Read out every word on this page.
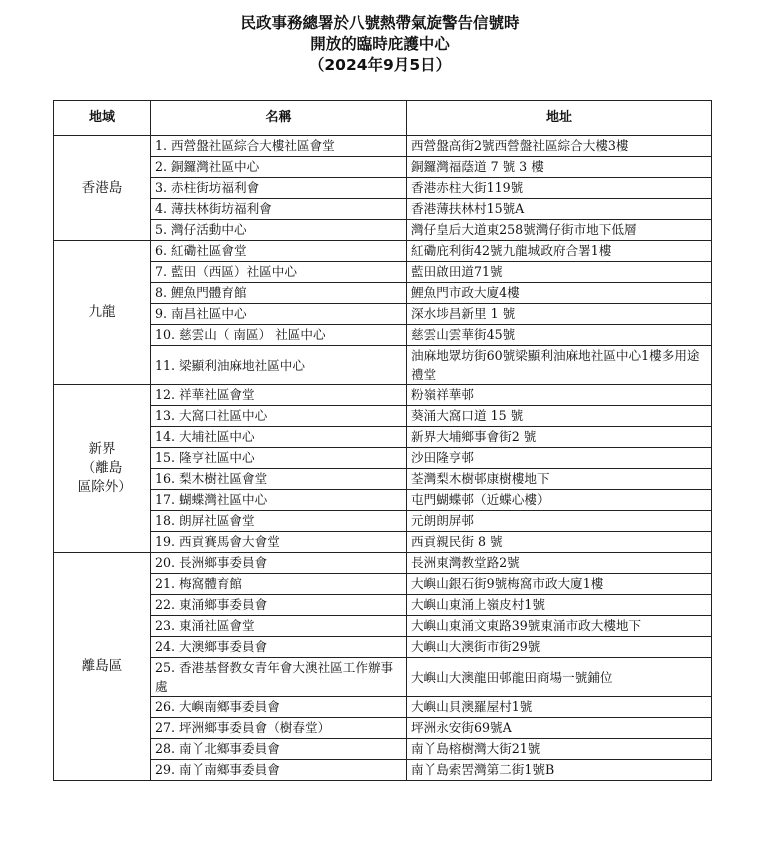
民政事務總署於八號熱帶氣旋警告信號時
開放的臨時庇護中心
（2024年9月5日）
地域	名稱	地址
香港島	1. 西營盤社區綜合大樓社區會堂	西營盤高街2號西營盤社區綜合大樓3樓
	2. 銅鑼灣社區中心	銅鑼灣福蔭道 7 號 3 樓
	3. 赤柱街坊福利會	香港赤柱大街119號
	4. 薄扶林街坊福利會	香港薄扶林村15號A
	5. 灣仔活動中心	灣仔皇后大道東258號灣仔街市地下低層
九龍	6. 紅磡社區會堂	紅磡庇利街42號九龍城政府合署1樓
	7. 藍田（西區）社區中心	藍田啟田道71號
	8. 鯉魚門體育館	鯉魚門市政大廈4樓
	9. 南昌社區中心	深水埗昌新里 1 號
	10. 慈雲山（ 南區） 社區中心	慈雲山雲華街45號
	11. 梁顯利油麻地社區中心	油麻地眾坊街60號梁顯利油麻地社區中心1樓多用途禮堂
新界（離島區除外）	12. 祥華社區會堂	粉嶺祥華邨
	13. 大窩口社區中心	葵涌大窩口道 15 號
	14. 大埔社區中心	新界大埔鄉事會街2 號
	15. 隆亨社區中心	沙田隆亨邨
	16. 梨木樹社區會堂	荃灣梨木樹邨康樹樓地下
	17. 蝴蝶灣社區中心	屯門蝴蝶邨（近蝶心樓）
	18. 朗屏社區會堂	元朗朗屏邨
	19. 西貢賽馬會大會堂	西貢親民街 8 號
離島區	20. 長洲鄉事委員會	長洲東灣教堂路2號
	21. 梅窩體育館	大嶼山銀石街9號梅窩市政大廈1樓
	22. 東涌鄉事委員會	大嶼山東涌上嶺皮村1號
	23. 東涌社區會堂	大嶼山東涌文東路39號東涌市政大樓地下
	24. 大澳鄉事委員會	大嶼山大澳街市街29號
	25. 香港基督教女青年會大澳社區工作辦事處	大嶼山大澳龍田邨龍田商場一號鋪位
	26. 大嶼南鄉事委員會	大嶼山貝澳羅屋村1號
	27. 坪洲鄉事委員會（樹春堂）	坪洲永安街69號A
	28. 南丫北鄉事委員會	南丫島榕樹灣大街21號
	29. 南丫南鄉事委員會	南丫島索罟灣第二街1號B
